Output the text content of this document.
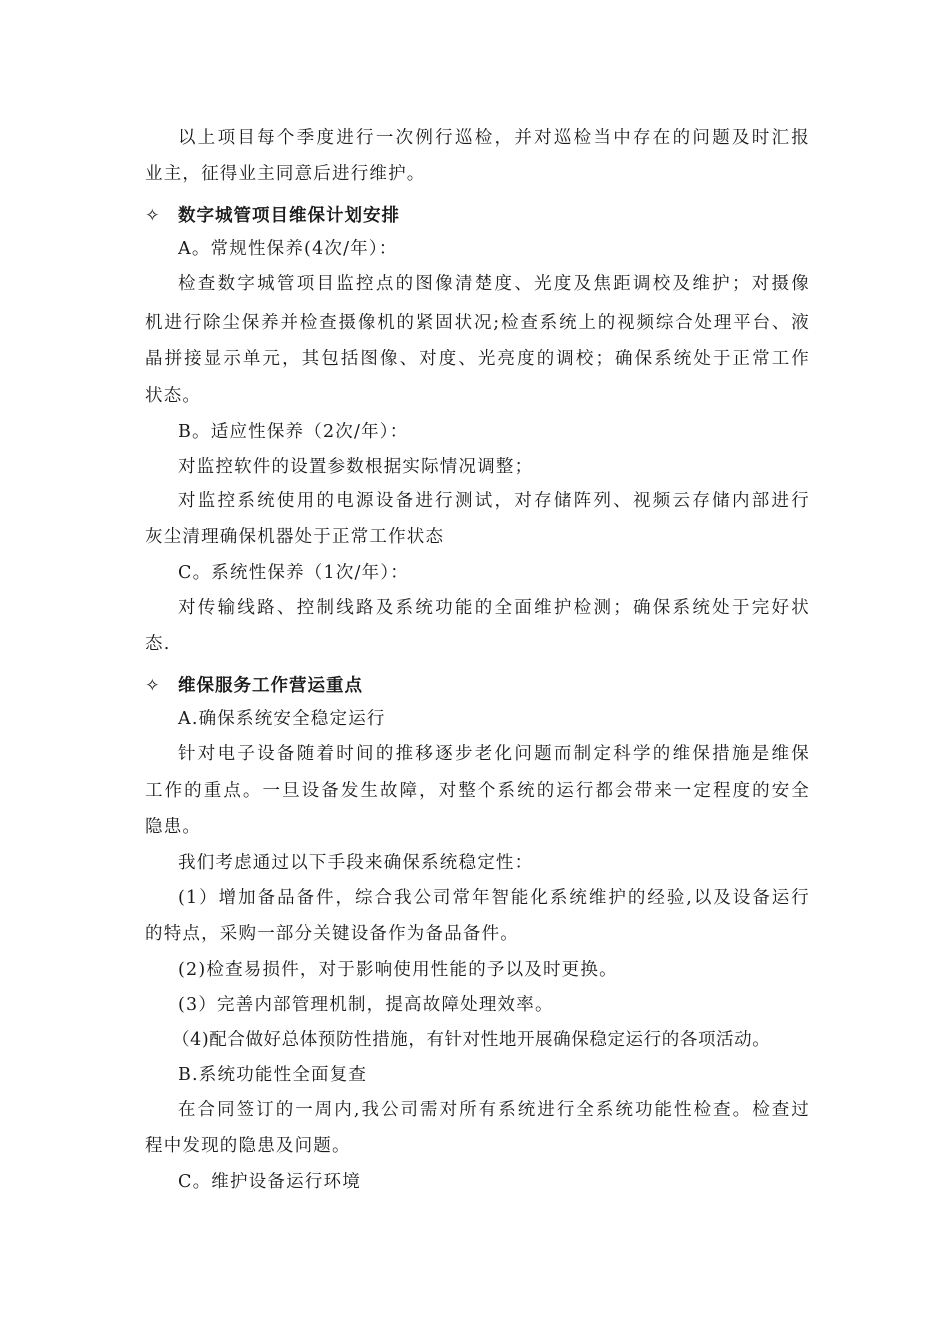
以上项目每个季度进行一次例行巡检，并对巡检当中存在的问题及时汇报
业主，征得业主同意后进行维护。
✧ 数字城管项目维保计划安排
A。常规性保养(4次/年）：
检查数字城管项目监控点的图像清楚度、光度及焦距调校及维护；对摄像
机进行除尘保养并检查摄像机的紧固状况;检查系统上的视频综合处理平台、液
晶拼接显示单元，其包括图像、对度、光亮度的调校；确保系统处于正常工作
状态。
B。适应性保养（2次/年）：
对监控软件的设置参数根据实际情况调整；
对监控系统使用的电源设备进行测试，对存储阵列、视频云存储内部进行
灰尘清理确保机器处于正常工作状态
C。系统性保养（1次/年）：
对传输线路、控制线路及系统功能的全面维护检测；确保系统处于完好状
态.
✧ 维保服务工作营运重点
A.确保系统安全稳定运行
针对电子设备随着时间的推移逐步老化问题而制定科学的维保措施是维保
工作的重点。一旦设备发生故障，对整个系统的运行都会带来一定程度的安全
隐患。
我们考虑通过以下手段来确保系统稳定性：
(1）增加备品备件，综合我公司常年智能化系统维护的经验,以及设备运行
的特点，采购一部分关键设备作为备品备件。
(2)检查易损件，对于影响使用性能的予以及时更换。
(3）完善内部管理机制，提高故障处理效率。
（4)配合做好总体预防性措施，有针对性地开展确保稳定运行的各项活动。
B.系统功能性全面复查
在合同签订的一周内,我公司需对所有系统进行全系统功能性检查。检查过
程中发现的隐患及问题。
C。维护设备运行环境
